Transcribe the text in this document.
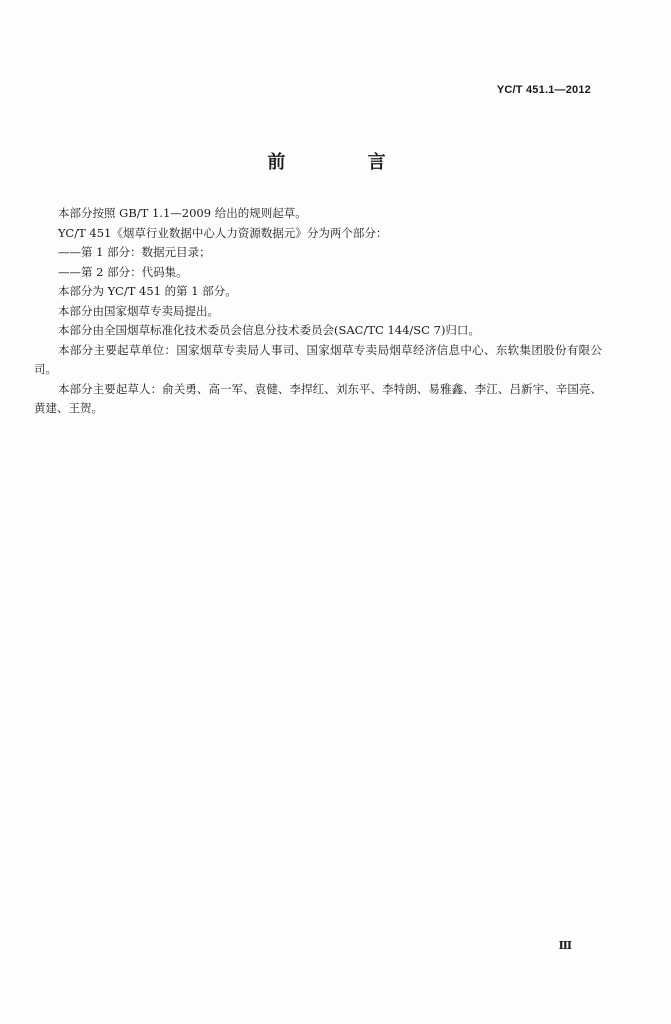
YC/T 451.1—2012
前 言

本部分按照 GB/T 1.1—2009 给出的规则起草。

YC/T 451《烟草行业数据中心人力资源数据元》分为两个部分：

——第 1 部分：数据元目录；

——第 2 部分：代码集。

本部分为 YC/T 451 的第 1 部分。

本部分由国家烟草专卖局提出。

本部分由全国烟草标准化技术委员会信息分技术委员会(SAC/TC 144/SC 7)归口。

本部分主要起草单位：国家烟草专卖局人事司、国家烟草专卖局烟草经济信息中心、东软集团股份有限公司。

本部分主要起草人：俞关勇、高一军、袁健、李捍红、刘东平、李特朗、易雅鑫、李江、吕新宇、辛国亮、黄建、王贺。

Ⅲ
